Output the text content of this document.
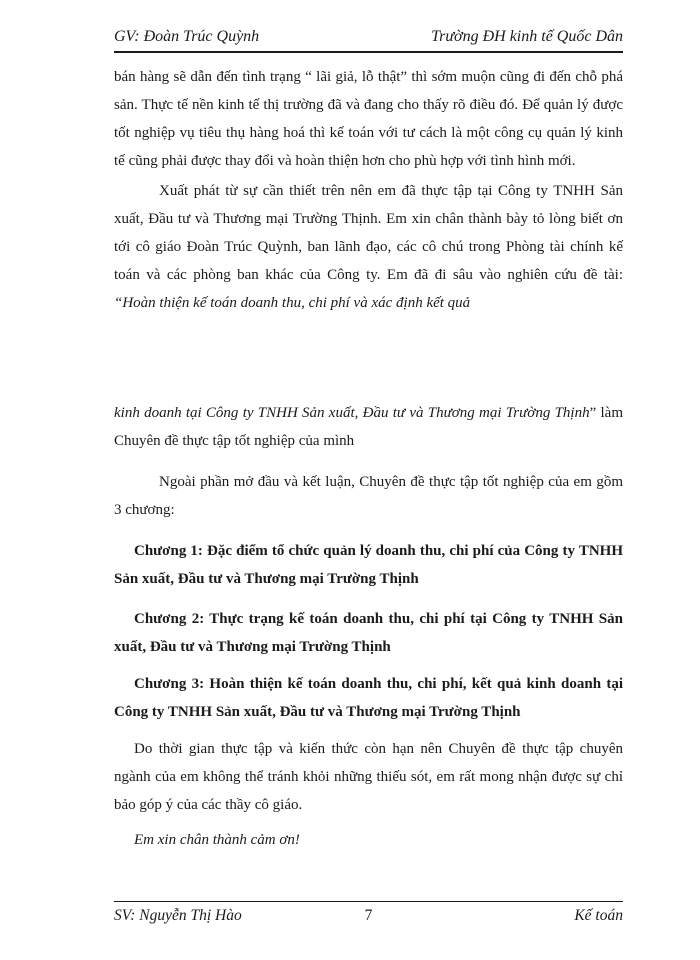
GV: Đoàn Trúc Quỳnh	Trường ĐH kinh tế Quốc Dân

bán hàng sẽ dẫn đến tình trạng “ lãi giả, lỗ thật” thì sớm muộn cũng đi đến chỗ phá sản. Thực tế nền kinh tế thị trường đã và đang cho thấy rõ điều đó. Để quản lý được tốt nghiệp vụ tiêu thụ hàng hoá thì kế toán với tư cách là một công cụ quản lý kinh tế cũng phải được thay đổi và hoàn thiện hơn cho phù hợp với tình hình mới.

Xuất phát từ sự cần thiết trên nên em đã thực tập tại Công ty TNHH Sản xuất, Đầu tư và Thương mại Trường Thịnh. Em xin chân thành bày tỏ lòng biết ơn tới cô giáo Đoàn Trúc Quỳnh, ban lãnh đạo, các cô chú trong Phòng tài chính kế toán và các phòng ban khác của Công ty. Em đã đi sâu vào nghiên cứu đề tài: “Hoàn thiện kế toán doanh thu, chi phí và xác định kết quả

kinh doanh tại Công ty TNHH Sản xuất, Đầu tư và Thương mại Trường Thịnh” làm Chuyên đề thực tập tốt nghiệp của mình

Ngoài phần mở đầu và kết luận, Chuyên đề thực tập tốt nghiệp của em gồm 3 chương:

Chương 1: Đặc điểm tổ chức quản lý doanh thu, chi phí của Công ty TNHH Sản xuất, Đầu tư và Thương mại Trường Thịnh

Chương 2: Thực trạng kế toán doanh thu, chi phí tại Công ty TNHH Sản xuất, Đầu tư và Thương mại Trường Thịnh

Chương 3: Hoàn thiện kế toán doanh thu, chi phí, kết quả kinh doanh tại Công ty TNHH Sản xuất, Đầu tư và Thương mại Trường Thịnh

Do thời gian thực tập và kiến thức còn hạn nên Chuyên đề thực tập chuyên ngành của em không thể tránh khỏi những thiếu sót, em rất mong nhận được sự chỉ bảo góp ý của các thầy cô giáo.

Em xin chân thành cảm ơn!

SV: Nguyễn Thị Hào	7	Kế toán
